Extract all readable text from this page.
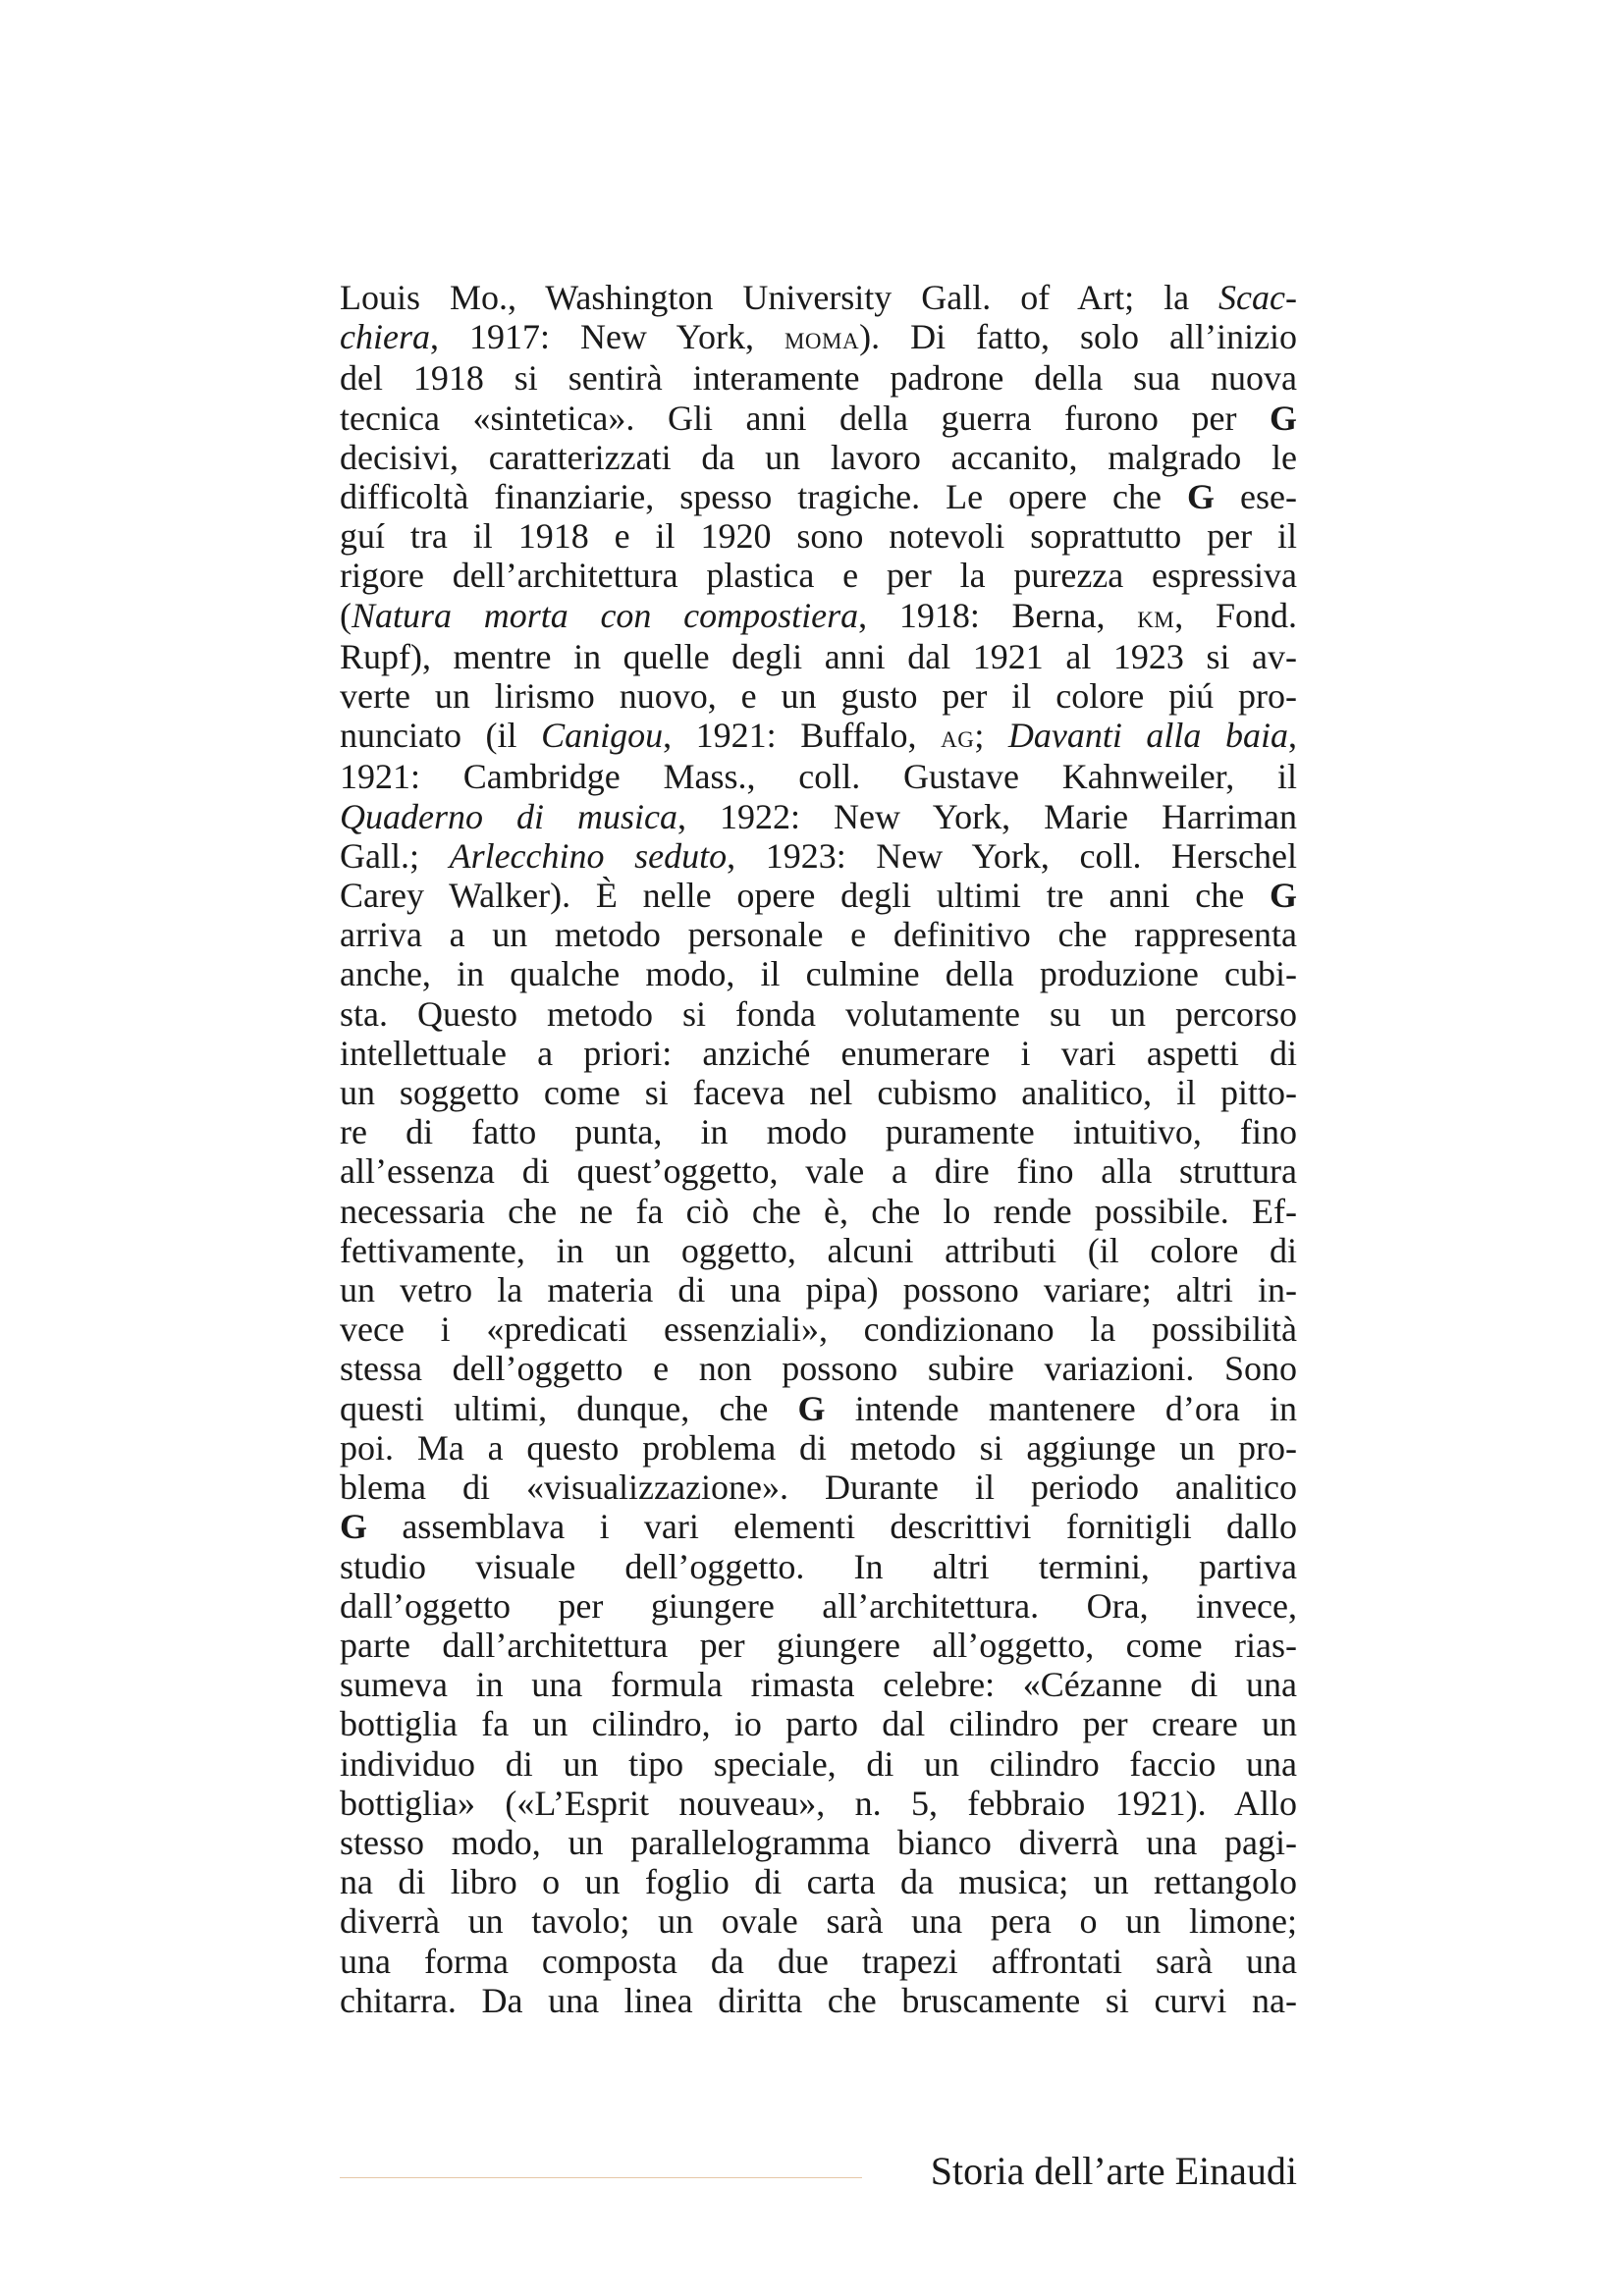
Louis Mo., Washington University Gall. of Art; la Scac-
chiera, 1917: New York, moma). Di fatto, solo all’inizio
del 1918 si sentirà interamente padrone della sua nuova
tecnica «sintetica». Gli anni della guerra furono per G
decisivi, caratterizzati da un lavoro accanito, malgrado le
difficoltà finanziarie, spesso tragiche. Le opere che G ese-
guí tra il 1918 e il 1920 sono notevoli soprattutto per il
rigore dell’architettura plastica e per la purezza espressiva
(Natura morta con compostiera, 1918: Berna, km, Fond.
Rupf), mentre in quelle degli anni dal 1921 al 1923 si av-
verte un lirismo nuovo, e un gusto per il colore piú pro-
nunciato (il Canigou, 1921: Buffalo, ag; Davanti alla baia,
1921: Cambridge Mass., coll. Gustave Kahnweiler, il
Quaderno di musica, 1922: New York, Marie Harriman
Gall.; Arlecchino seduto, 1923: New York, coll. Herschel
Carey Walker). È nelle opere degli ultimi tre anni che G
arriva a un metodo personale e definitivo che rappresenta
anche, in qualche modo, il culmine della produzione cubi-
sta. Questo metodo si fonda volutamente su un percorso
intellettuale a priori: anziché enumerare i vari aspetti di
un soggetto come si faceva nel cubismo analitico, il pitto-
re di fatto punta, in modo puramente intuitivo, fino
all’essenza di quest’oggetto, vale a dire fino alla struttura
necessaria che ne fa ciò che è, che lo rende possibile. Ef-
fettivamente, in un oggetto, alcuni attributi (il colore di
un vetro la materia di una pipa) possono variare; altri in-
vece i «predicati essenziali», condizionano la possibilità
stessa dell’oggetto e non possono subire variazioni. Sono
questi ultimi, dunque, che G intende mantenere d’ora in
poi. Ma a questo problema di metodo si aggiunge un pro-
blema di «visualizzazione». Durante il periodo analitico
G assemblava i vari elementi descrittivi fornitigli dallo
studio visuale dell’oggetto. In altri termini, partiva
dall’oggetto per giungere all’architettura. Ora, invece,
parte dall’architettura per giungere all’oggetto, come rias-
sumeva in una formula rimasta celebre: «Cézanne di una
bottiglia fa un cilindro, io parto dal cilindro per creare un
individuo di un tipo speciale, di un cilindro faccio una
bottiglia» («L’Esprit nouveau», n. 5, febbraio 1921). Allo
stesso modo, un parallelogramma bianco diverrà una pagi-
na di libro o un foglio di carta da musica; un rettangolo
diverrà un tavolo; un ovale sarà una pera o un limone;
una forma composta da due trapezi affrontati sarà una
chitarra. Da una linea diritta che bruscamente si curvi na-
Storia dell’arte Einaudi
